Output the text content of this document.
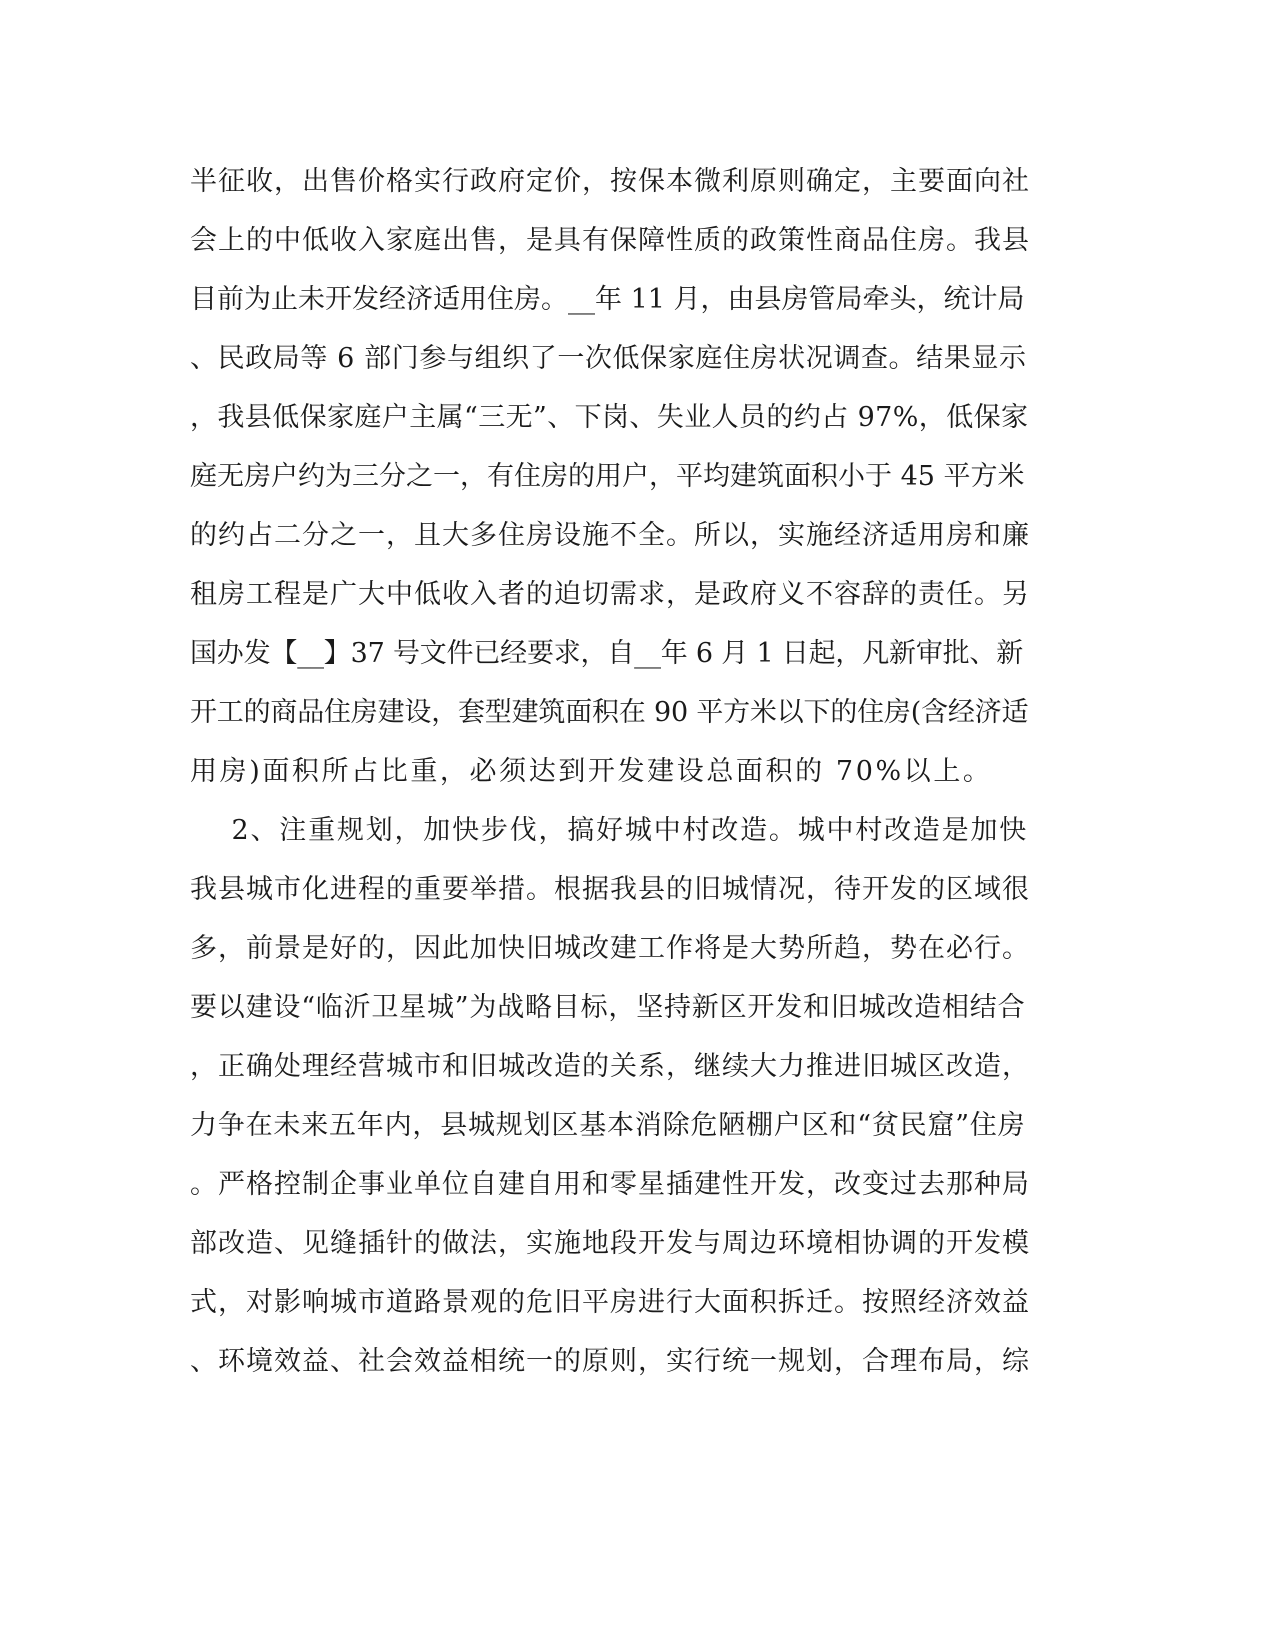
半征收，出售价格实行政府定价，按保本微利原则确定，主要面向社
会上的中低收入家庭出售，是具有保障性质的政策性商品住房。我县
目前为止未开发经济适用住房。__年 11 月，由县房管局牵头，统计局
、民政局等 6 部门参与组织了一次低保家庭住房状况调查。结果显示
，我县低保家庭户主属“三无”、下岗、失业人员的约占 97%，低保家
庭无房户约为三分之一，有住房的用户，平均建筑面积小于 45 平方米
的约占二分之一，且大多住房设施不全。所以，实施经济适用房和廉
租房工程是广大中低收入者的迫切需求，是政府义不容辞的责任。另
国办发【__】37 号文件已经要求，自__年 6 月 1 日起，凡新审批、新
开工的商品住房建设，套型建筑面积在 90 平方米以下的住房(含经济适
用房)面积所占比重，必须达到开发建设总面积的 70%以上。
2、注重规划，加快步伐，搞好城中村改造。城中村改造是加快
我县城市化进程的重要举措。根据我县的旧城情况，待开发的区域很
多，前景是好的，因此加快旧城改建工作将是大势所趋，势在必行。
要以建设“临沂卫星城”为战略目标，坚持新区开发和旧城改造相结合
，正确处理经营城市和旧城改造的关系，继续大力推进旧城区改造，
力争在未来五年内，县城规划区基本消除危陋棚户区和“贫民窟”住房
。严格控制企事业单位自建自用和零星插建性开发，改变过去那种局
部改造、见缝插针的做法，实施地段开发与周边环境相协调的开发模
式，对影响城市道路景观的危旧平房进行大面积拆迁。按照经济效益
、环境效益、社会效益相统一的原则，实行统一规划，合理布局，综
